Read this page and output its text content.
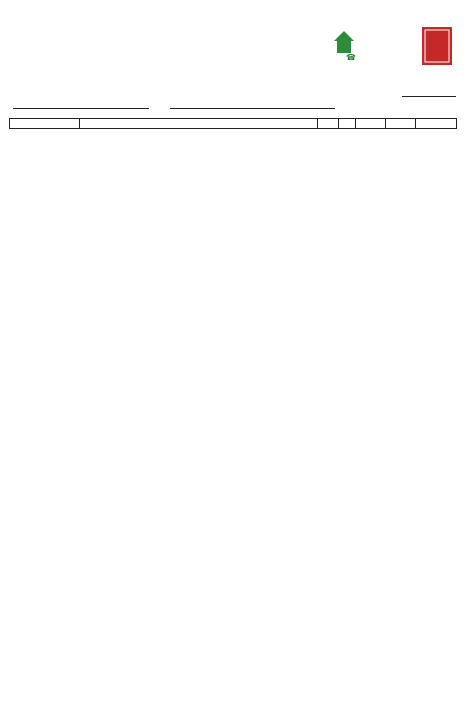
☎
